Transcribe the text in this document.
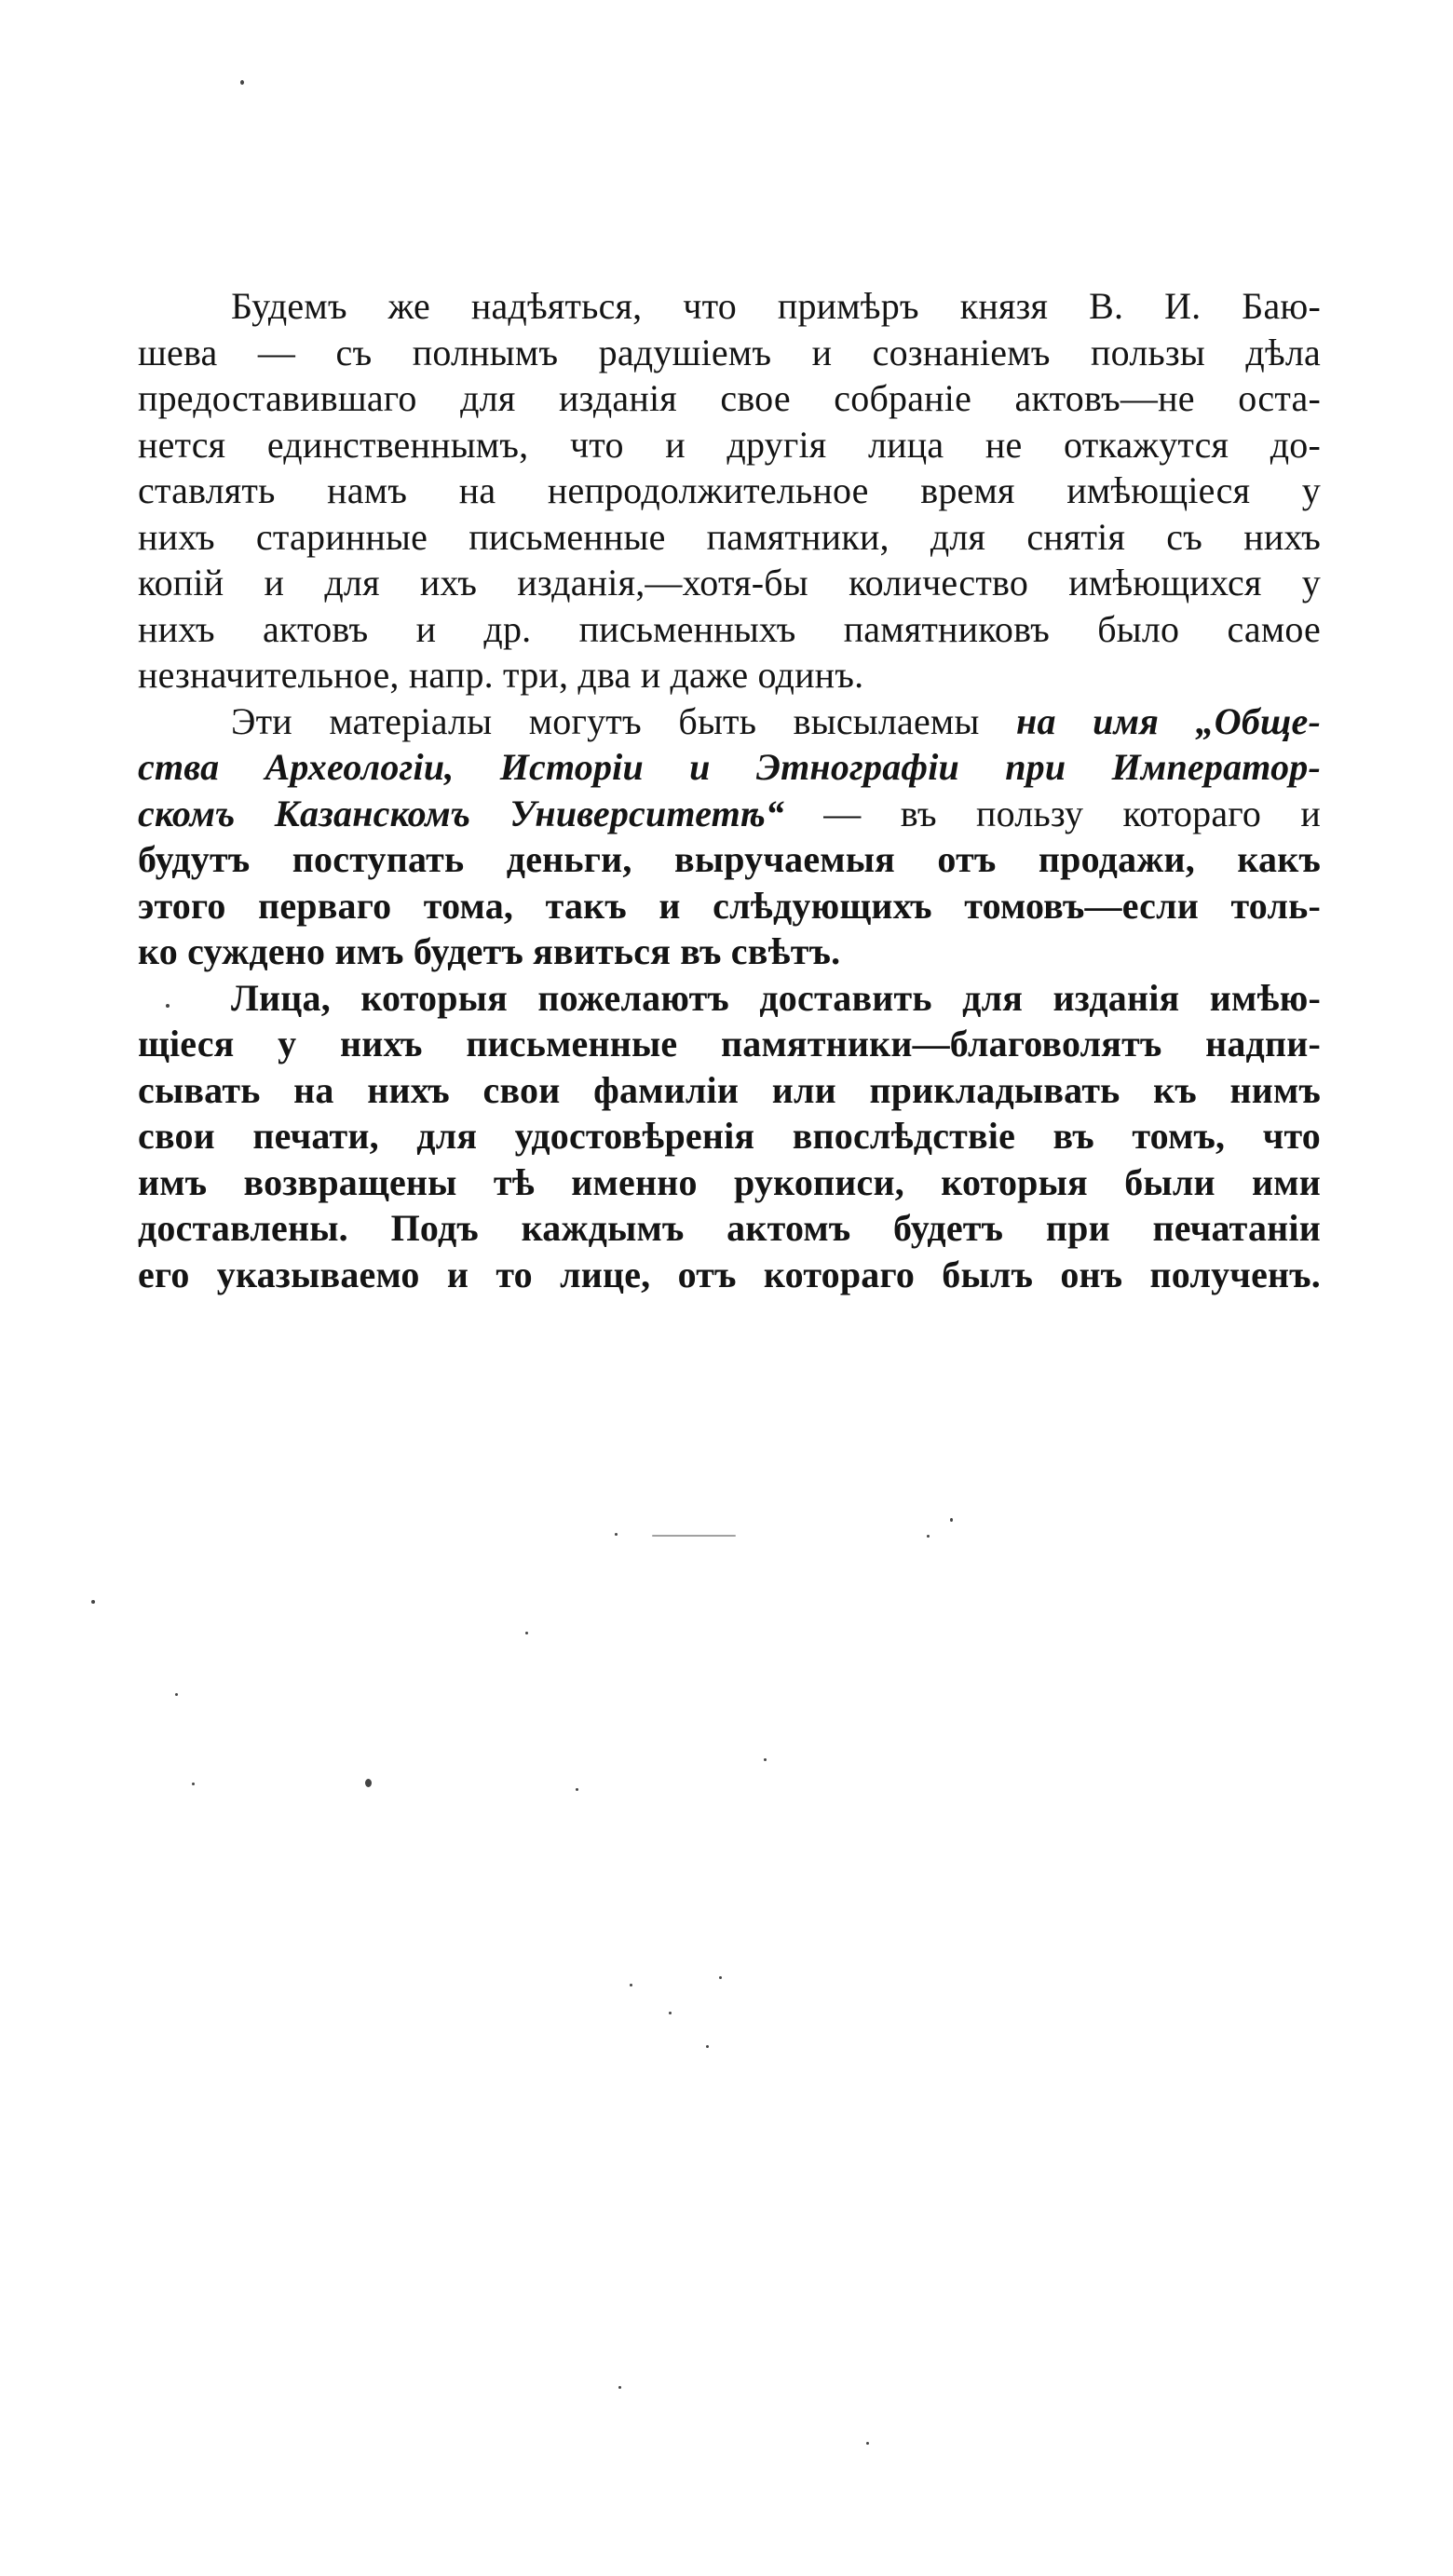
Будемъ же надѣяться, что примѣръ князя В. И. Баю-
шева — съ полнымъ радушіемъ и сознаніемъ пользы дѣла
предоставившаго для изданія свое собраніе актовъ—не оста-
нется единственнымъ, что и другія лица не откажутся до-
ставлять намъ на непродолжительное время имѣющіеся у
нихъ старинные письменные памятники, для снятія съ нихъ
копій и для ихъ изданія,—хотя-бы количество имѣющихся у
нихъ актовъ и др. письменныхъ памятниковъ было самое
незначительное, напр. три, два и даже одинъ.
Эти матеріалы могутъ быть высылаемы на имя „Обще-
ства Археологіи, Исторіи и Этнографіи при Император-
скомъ Казанскомъ Университетѣ“ — въ пользу котораго и
будутъ поступать деньги, выручаемыя отъ продажи, какъ
этого перваго тома, такъ и слѣдующихъ томовъ—если толь-
ко суждено имъ будетъ явиться въ свѣтъ.
Лица, которыя пожелаютъ доставить для изданія имѣю-
щіеся у нихъ письменные памятники—благоволятъ надпи-
сывать на нихъ свои фамиліи или прикладывать къ нимъ
свои печати, для удостовѣренія впослѣдствіе въ томъ, что
имъ возвращены тѣ именно рукописи, которыя были ими
доставлены. Подъ каждымъ актомъ будетъ при печатаніи
его указываемо и то лице, отъ котораго былъ онъ полученъ.
